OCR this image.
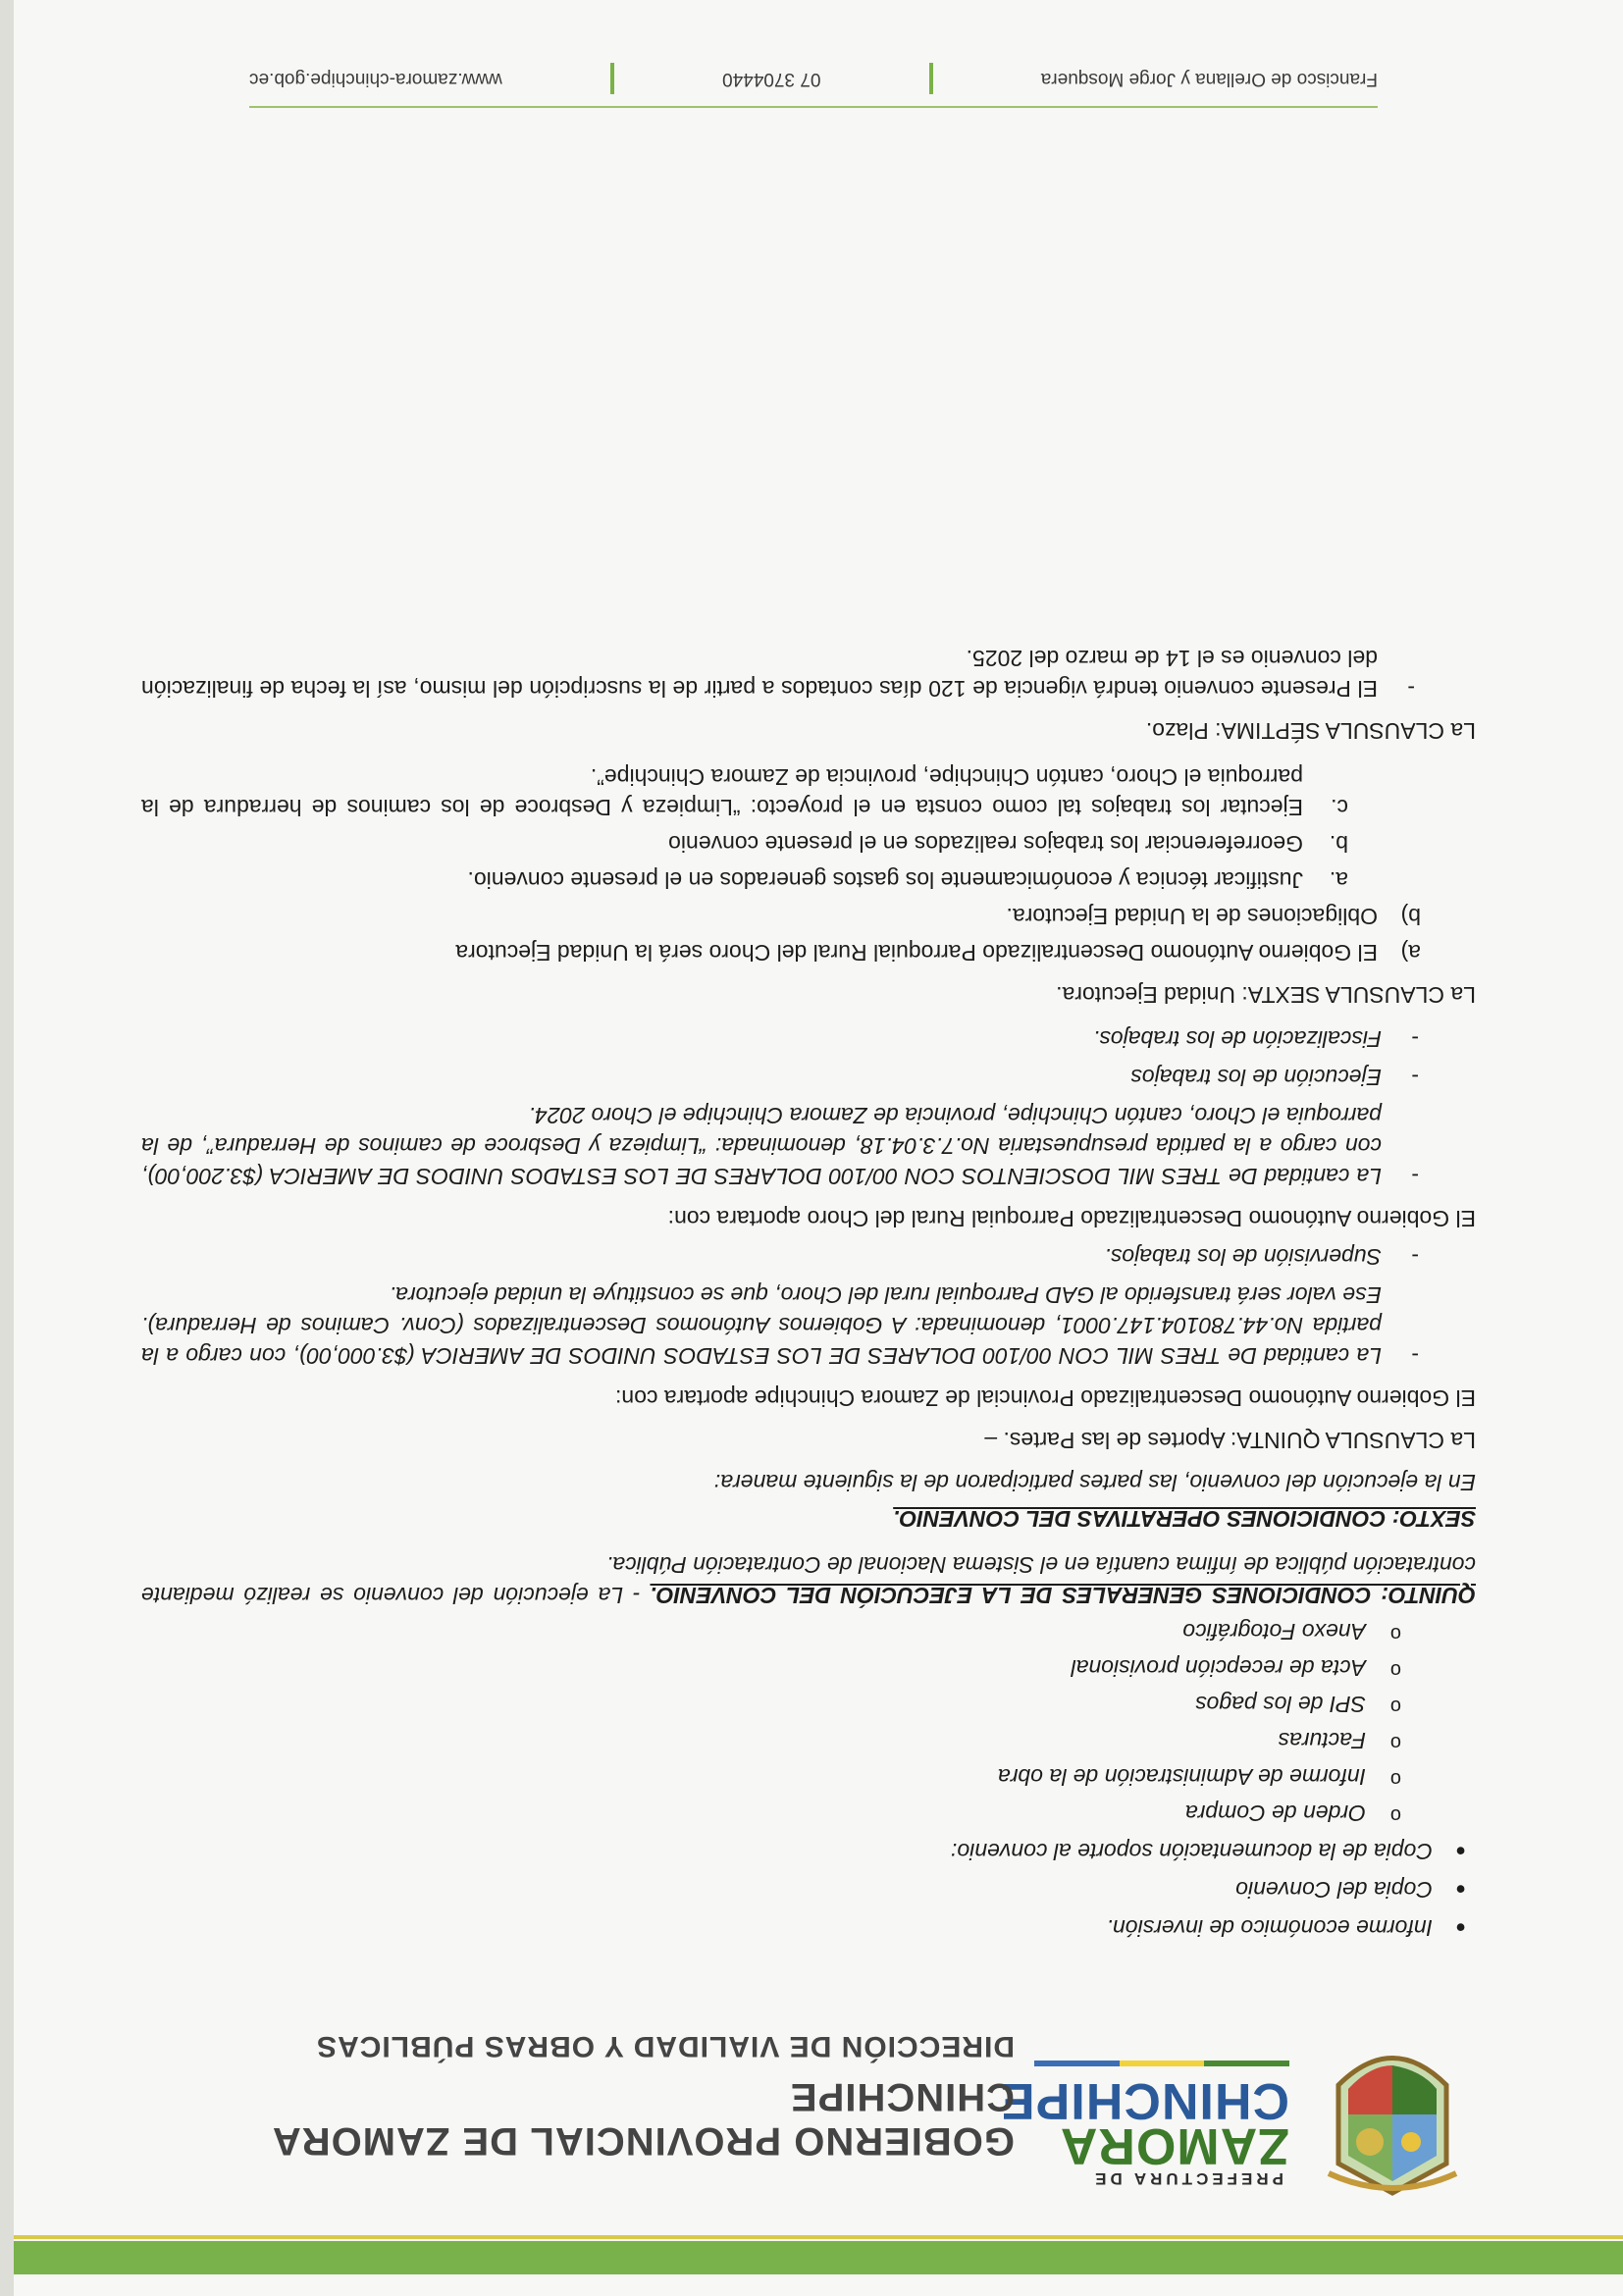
PREFECTURA DE
ZAMORA
CHINCHIPE
GOBIERNO PROVINCIAL DE ZAMORA CHINCHIPE
DIRECCIÓN DE VIALIDAD Y OBRAS PÚBLICAS
● Informe económico de inversión.
● Copia del Convenio
● Copia de la documentación soporte al convenio:
o Orden de Compra
o Informe de Administración de la obra
o Facturas
o SPI de los pagos
o Acta de recepción provisional
o Anexo Fotográfico

QUINTO: CONDICIONES GENERALES DE LA EJECUCIÓN DEL CONVENIO. - La ejecución del convenio se realizó mediante contratación pública de ínfima cuantía en el Sistema Nacional de Contratación Pública.

SEXTO: CONDICIONES OPERATIVAS DEL CONVENIO.

En la ejecución del convenio, las partes participaron de la siguiente manera:

La CLAUSULA QUINTA: Aportes de las Partes. –

El Gobierno Autónomo Descentralizado Provincial de Zamora Chinchipe aportara con:

-
La cantidad De TRES MIL CON 00/100 DOLARES DE LOS ESTADOS UNIDOS DE AMERICA ($3.000,00), con cargo a la partida No.44.780104.147.0001, denominada: A Gobiernos Autónomos Descentralizados (Conv. Caminos de Herradura). Ese valor será transferido al GAD Parroquial rural del Choro, que se constituye la unidad ejecutora.
-
Supervisión de los trabajos.

El Gobierno Autónomo Descentralizado Parroquial Rural del Choro aportara con:

-
La cantidad De TRES MIL DOSCIENTOS CON 00/100 DOLARES DE LOS ESTADOS UNIDOS DE AMERICA ($3.200,00), con cargo a la partida presupuestaria No.7.3.04.18, denominada: “Limpieza y Desbroce de caminos de Herradura”, de la parroquia el Choro, cantón Chinchipe, provincia de Zamora Chinchipe el Choro 2024.
-
Ejecución de los trabajos
-
Fiscalización de los trabajos.

La CLAUSULA SEXTA: Unidad Ejecutora.

a)
El Gobierno Autónomo Descentralizado Parroquial Rural del Choro será la Unidad Ejecutora
b)
Obligaciones de la Unidad Ejecutora.
a.
Justificar técnica y económicamente los gastos generados en el presente convenio.
b.
Georreferenciar los trabajos realizados en el presente convenio
c.
Ejecutar los trabajos tal como consta en el proyecto: “Limpieza y Desbroce de los caminos de herradura de la parroquia el Choro, cantón Chinchipe, provincia de Zamora Chinchipe”.

La CLAUSULA SÉPTIMA: Plazo.

-
El Presente convenio tendrá vigencia de 120 días contados a partir de la suscripción del mismo, así la fecha de finalización del convenio es el 14 de marzo del 2025.
Francisco de Orellana y Jorge Mosquera
07 3704440
www.zamora-chinchipe.gob.ec
